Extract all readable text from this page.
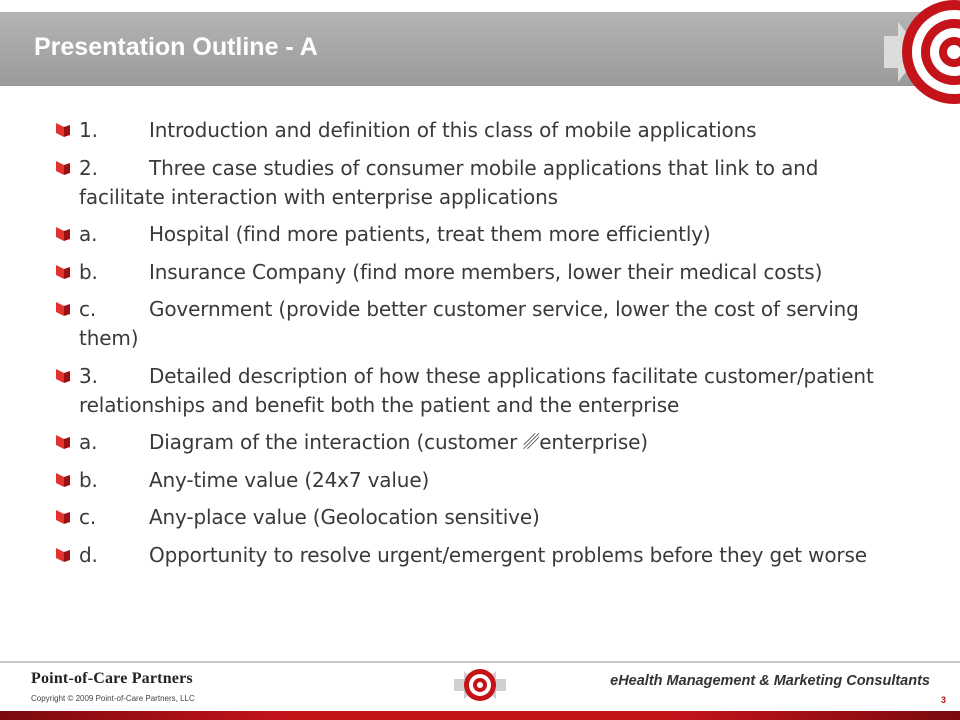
Presentation Outline - A
1.	Introduction and definition of this class of mobile applications
2.	Three case studies of consumer mobile applications that link to and facilitate interaction with enterprise applications
a.	Hospital (find more patients, treat them more efficiently)
b.	Insurance Company (find more members, lower their medical costs)
c.	Government (provide better customer service, lower the cost of serving them)
3.	Detailed description of how these applications facilitate customer/patient relationships and benefit both the patient and the enterprise
a.	Diagram of the interaction (customer ␥enterprise)
b.	Any-time value (24x7 value)
c.	Any-place value (Geolocation sensitive)
d.	Opportunity to resolve urgent/emergent problems before they get worse
Point-of-Care Partners	eHealth Management & Marketing Consultants
Copyright © 2009 Point-of-Care Partners, LLC	3
